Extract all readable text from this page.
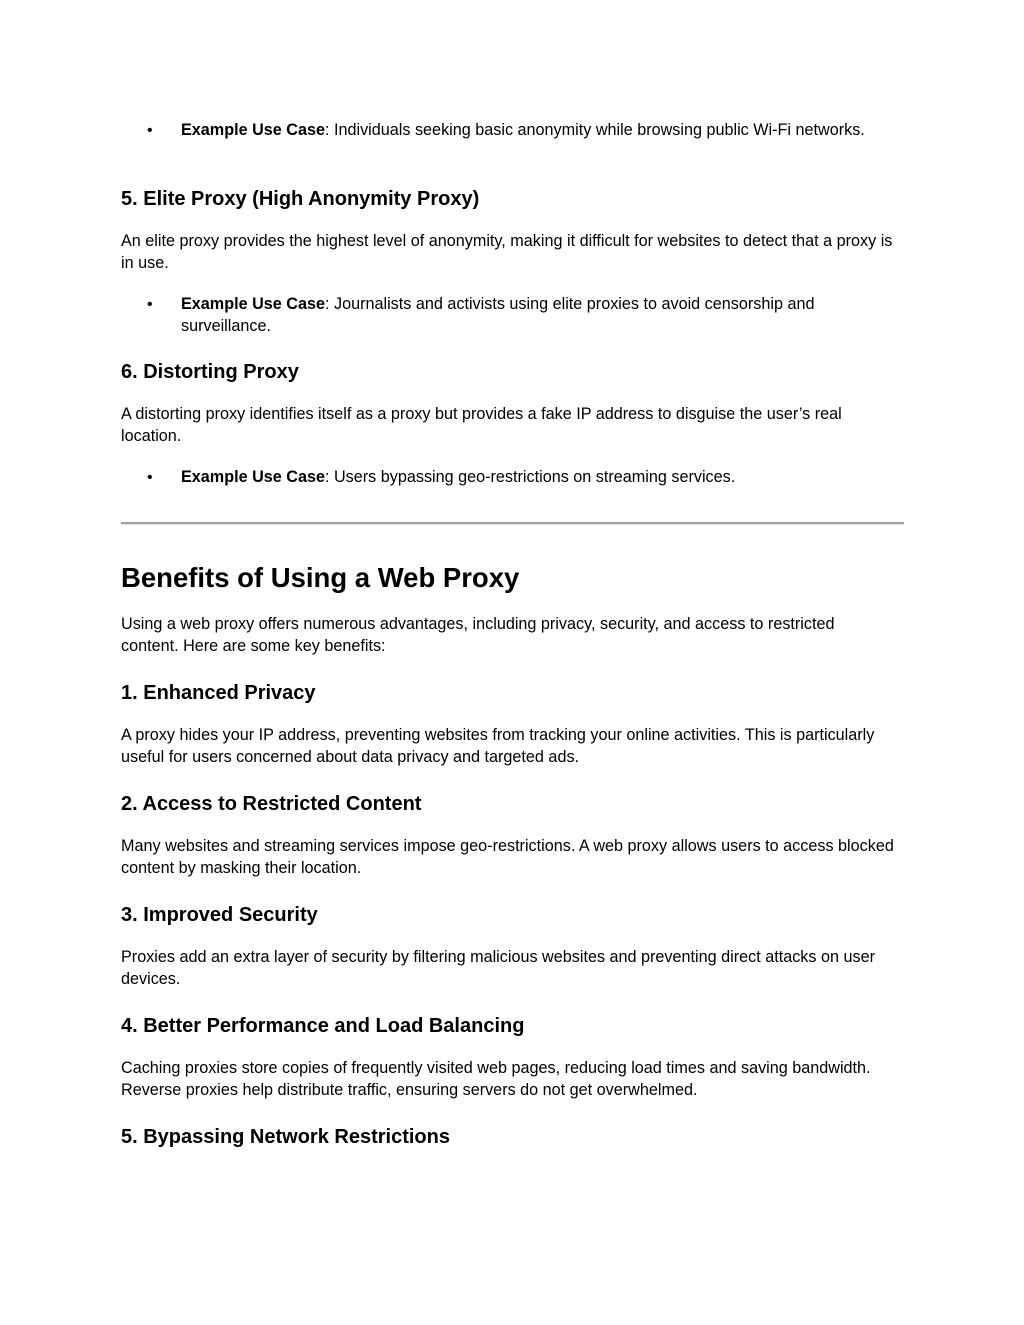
• Example Use Case: Individuals seeking basic anonymity while browsing public Wi-Fi networks.
5. Elite Proxy (High Anonymity Proxy)
An elite proxy provides the highest level of anonymity, making it difficult for websites to detect that a proxy is in use.
• Example Use Case: Journalists and activists using elite proxies to avoid censorship and surveillance.
6. Distorting Proxy
A distorting proxy identifies itself as a proxy but provides a fake IP address to disguise the user’s real location.
• Example Use Case: Users bypassing geo-restrictions on streaming services.
Benefits of Using a Web Proxy
Using a web proxy offers numerous advantages, including privacy, security, and access to restricted content. Here are some key benefits:
1. Enhanced Privacy
A proxy hides your IP address, preventing websites from tracking your online activities. This is particularly useful for users concerned about data privacy and targeted ads.
2. Access to Restricted Content
Many websites and streaming services impose geo-restrictions. A web proxy allows users to access blocked content by masking their location.
3. Improved Security
Proxies add an extra layer of security by filtering malicious websites and preventing direct attacks on user devices.
4. Better Performance and Load Balancing
Caching proxies store copies of frequently visited web pages, reducing load times and saving bandwidth. Reverse proxies help distribute traffic, ensuring servers do not get overwhelmed.
5. Bypassing Network Restrictions
